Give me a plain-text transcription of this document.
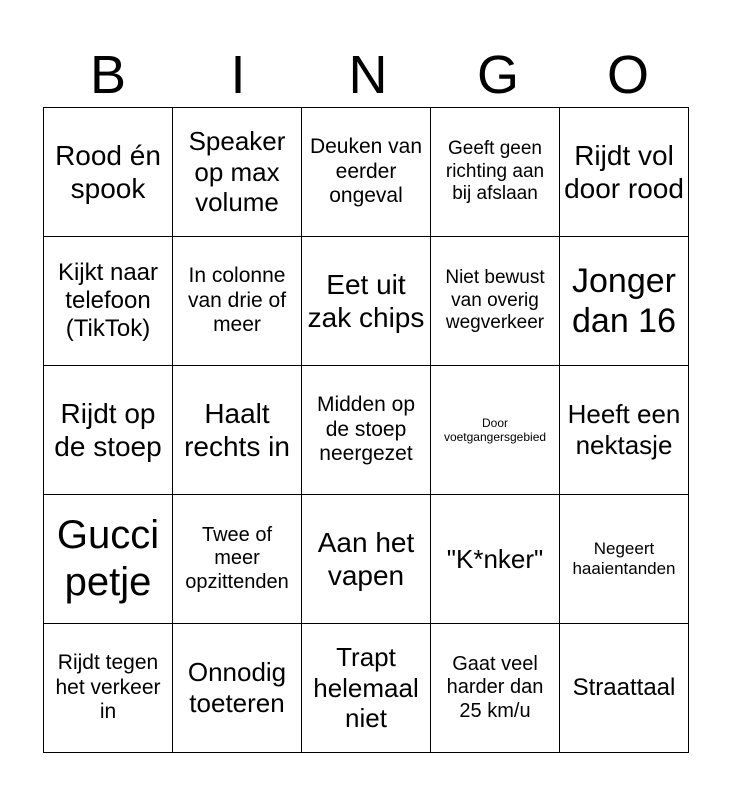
B	I	N	G	O
Rood én spook	Speaker op max volume	Deuken van eerder ongeval	Geeft geen richting aan bij afslaan	Rijdt vol door rood
Kijkt naar telefoon (TikTok)	In colonne van drie of meer	Eet uit zak chips	Niet bewust van overig wegverkeer	Jonger dan 16
Rijdt op de stoep	Haalt rechts in	Midden op de stoep neergezet	Door voetgangersgebied	Heeft een nektasje
Gucci petje	Twee of meer opzittenden	Aan het vapen	"K*nker"	Negeert haaientanden
Rijdt tegen het verkeer in	Onnodig toeteren	Trapt helemaal niet	Gaat veel harder dan 25 km/u	Straattaal
